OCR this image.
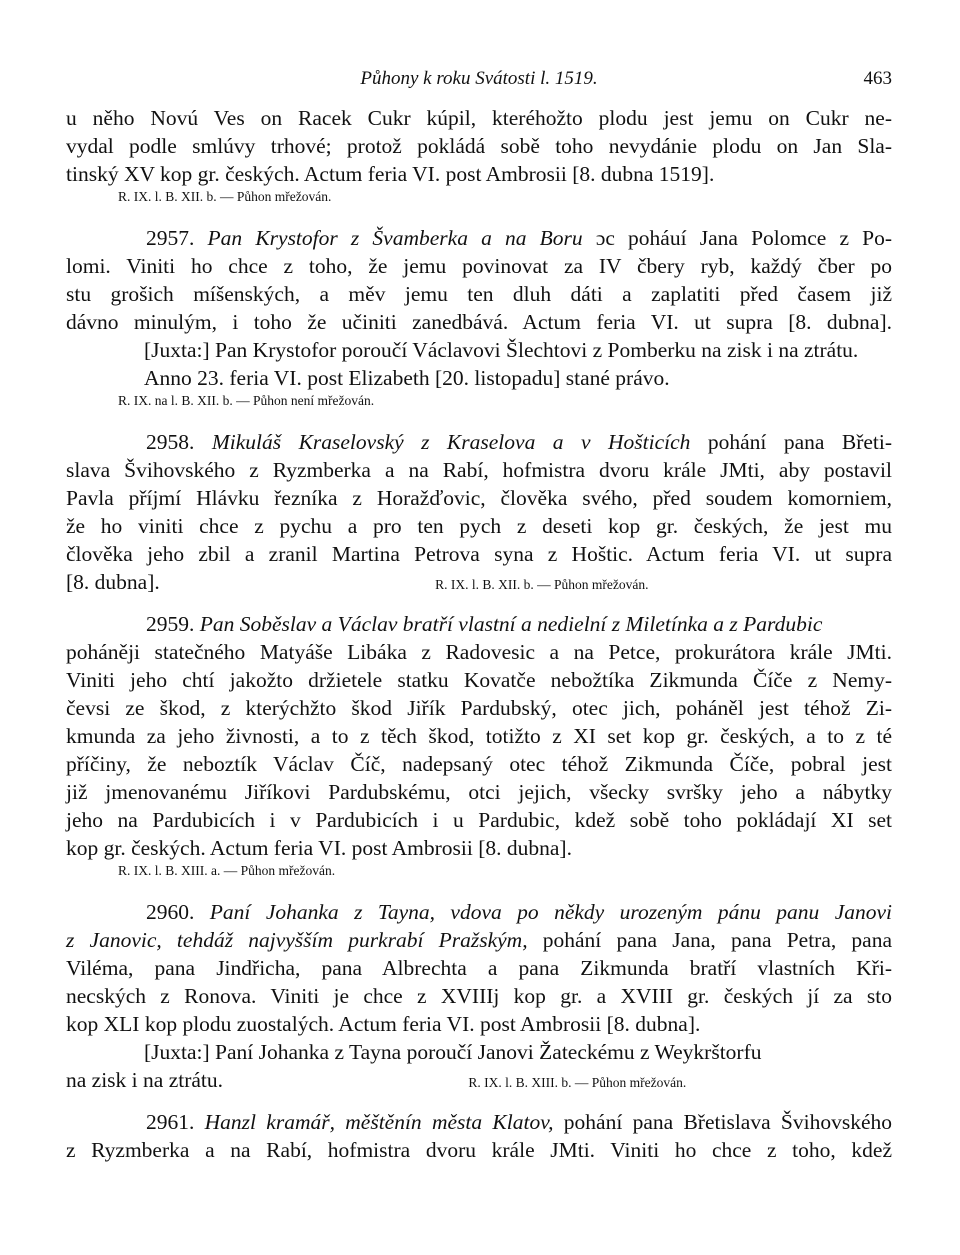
Půhony k roku Svátosti l. 1519.	463
u něho Novú Ves on Racek Cukr kúpil, kteréhožto plodu jest jemu on Cukr ne-
vydal podle smlúvy trhové; protož pokládá sobě toho nevydánie plodu on Jan Sla-
tinský XV kop gr. českých. Actum feria VI. post Ambrosii [8. dubna 1519].
R. IX. l. B. XII. b. — Půhon mřežován.
2957. Pan Krystofor z Švamberka a na Boru ɔc poháuí Jana Polomce z Po-
lomi. Viniti ho chce z toho, že jemu povinovat za IV čbery ryb, každý čber po
stu grošich míšenských, a měv jemu ten dluh dáti a zaplatiti před časem již
dávno minulým, i toho že učiniti zanedbává. Actum feria VI. ut supra [8. dubna].
[Juxta:] Pan Krystofor poroučí Václavovi Šlechtovi z Pomberku na zisk i na ztrátu.
Anno 23. feria VI. post Elizabeth [20. listopadu] stané právo.
R. IX. na l. B. XII. b. — Půhon není mřežován.
2958. Mikuláš Kraselovský z Kraselova a v Hošticích pohání pana Břeti-
slava Švihovského z Ryzmberka a na Rabí, hofmistra dvoru krále JMti, aby postavil
Pavla příjmí Hlávku řezníka z Horažďovic, člověka svého, před soudem komorniem,
že ho viniti chce z pychu a pro ten pych z deseti kop gr. českých, že jest mu
člověka jeho zbil a zranil Martina Petrova syna z Hoštic. Actum feria VI. ut supra
[8. dubna].	R. IX. l. B. XII. b. — Půhon mřežován.
2959. Pan Soběslav a Václav bratří vlastní a nedielní z Miletínka a z Pardubic
poháněji statečného Matyáše Libáka z Radovesic a na Petce, prokurátora krále JMti.
Viniti jeho chtí jakožto držietele statku Kovatče nebožtíka Zikmunda Číče z Nemy-
čevsi ze škod, z kterýchžto škod Jiřík Pardubský, otec jich, poháněl jest téhož Zi-
kmunda za jeho živnosti, a to z těch škod, totižto z XI set kop gr. českých, a to z té
příčiny, že neboztík Václav Číč, nadepsaný otec téhož Zikmunda Číče, pobral jest
již jmenovanému Jiříkovi Pardubskému, otci jejich, všecky svršky jeho a nábytky
jeho na Pardubicích i v Pardubicích i u Pardubic, kdež sobě toho pokládají XI set
kop gr. českých. Actum feria VI. post Ambrosii [8. dubna].
R. IX. l. B. XIII. a. — Půhon mřežován.
2960. Paní Johanka z Tayna, vdova po někdy urozeným pánu panu Janovi
z Janovic, tehdáž najvyšším purkrabí Pražským, pohání pana Jana, pana Petra, pana
Viléma, pana Jindřicha, pana Albrechta a pana Zikmunda bratří vlastních Kři-
necských z Ronova. Viniti je chce z XVIIIj kop gr. a XVIII gr. českých jí za sto
kop XLI kop plodu zuostalých. Actum feria VI. post Ambrosii [8. dubna].
[Juxta:] Paní Johanka z Tayna poroučí Janovi Žateckému z Weykrštorfu
na zisk i na ztrátu.	R. IX. l. B. XIII. b. — Půhon mřežován.
2961. Hanzl kramář, měštěnín města Klatov, pohání pana Břetislava Švihovského
z Ryzmberka a na Rabí, hofmistra dvoru krále JMti. Viniti ho chce z toho, kdež
